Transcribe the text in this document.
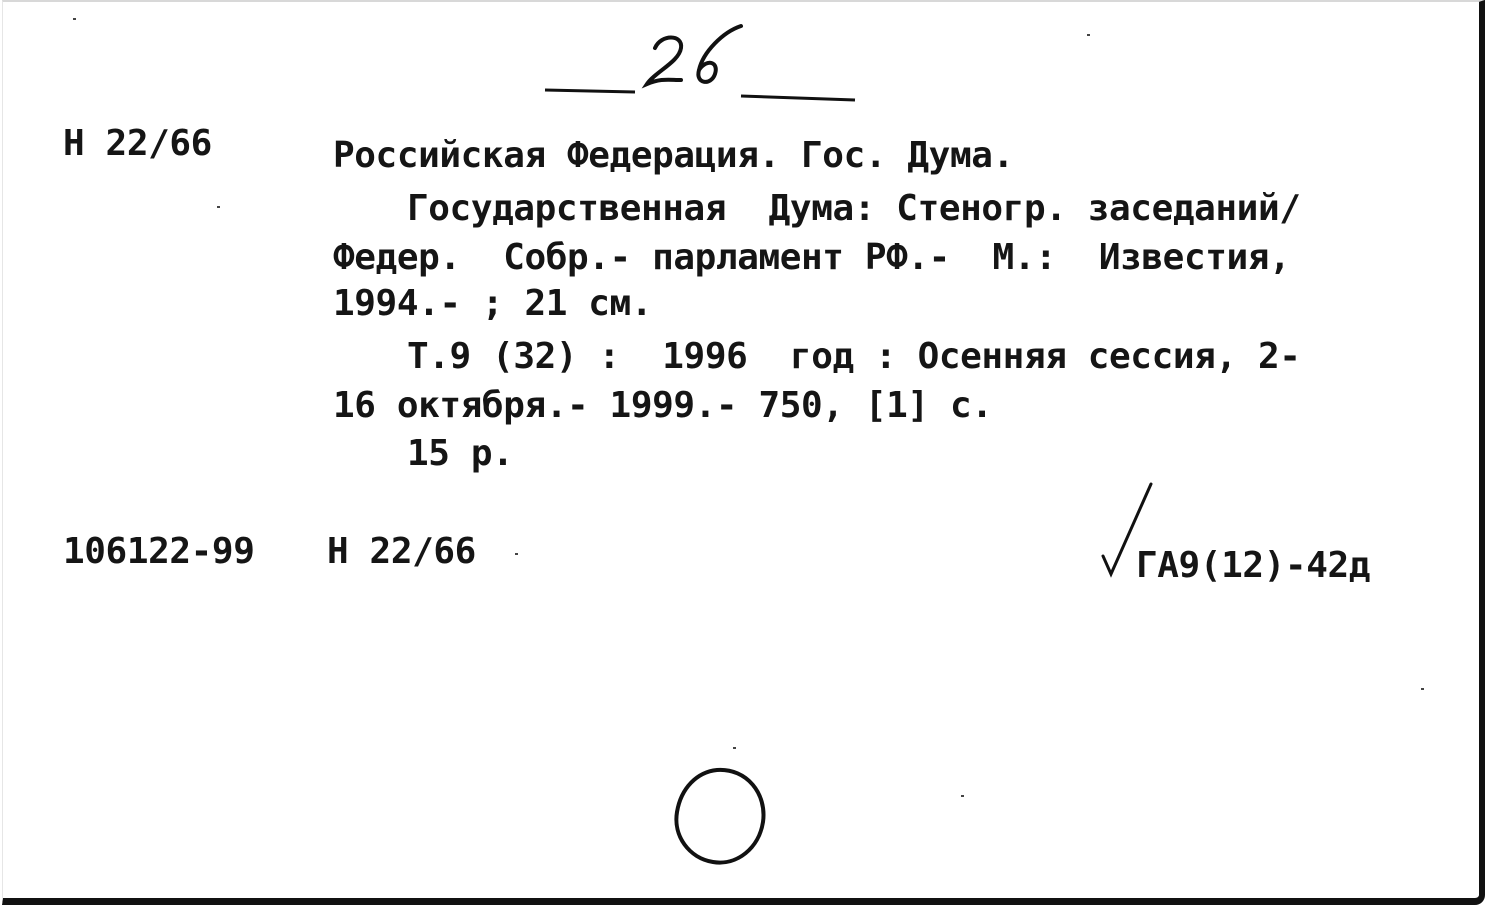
Н 22/66	Российская Федерация. Гос. Дума.
Государственная  Дума: Стеногр. заседаний/
Федер.  Собр.- парламент РФ.-  М.:  Известия,
1994.- ; 21 см.
Т.9 (32) :  1996  год : Осенняя сессия, 2-
16 октября.- 1999.- 750, [1] с.
15 р.
106122-99 Н 22/66	ГА9(12)-42д
